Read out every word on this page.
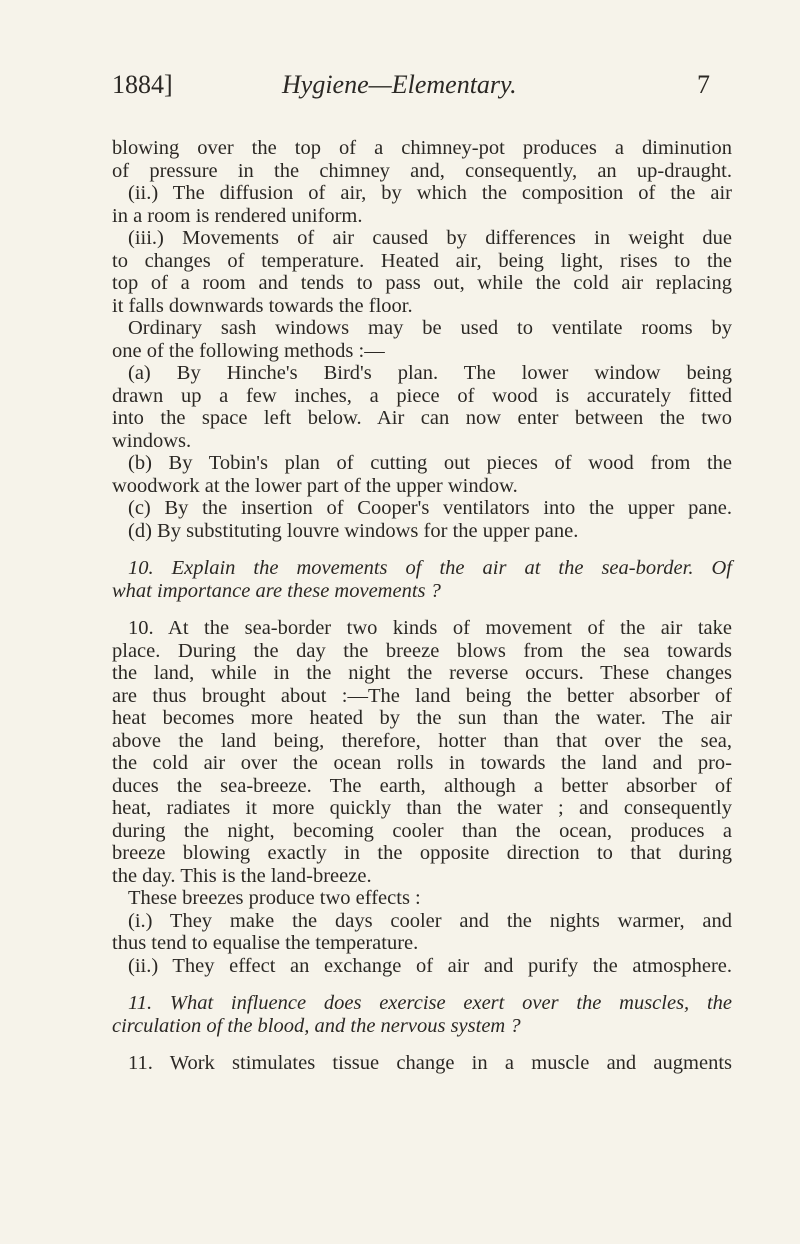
1884]	Hygiene—Elementary.	7
blowing over the top of a chimney-pot produces a diminution
of pressure in the chimney and, consequently, an up-draught.
(ii.) The diffusion of air, by which the composition of the air
in a room is rendered uniform.
(iii.) Movements of air caused by differences in weight due
to changes of temperature. Heated air, being light, rises to the
top of a room and tends to pass out, while the cold air replacing
it falls downwards towards the floor.
Ordinary sash windows may be used to ventilate rooms by
one of the following methods :—
(a) By Hinche's Bird's plan. The lower window being
drawn up a few inches, a piece of wood is accurately fitted
into the space left below. Air can now enter between the two
windows.
(b) By Tobin's plan of cutting out pieces of wood from the
woodwork at the lower part of the upper window.
(c) By the insertion of Cooper's ventilators into the upper pane.
(d) By substituting louvre windows for the upper pane.
10. Explain the movements of the air at the sea-border. Of
what importance are these movements ?
10. At the sea-border two kinds of movement of the air take
place. During the day the breeze blows from the sea towards
the land, while in the night the reverse occurs. These changes
are thus brought about :—The land being the better absorber of
heat becomes more heated by the sun than the water. The air
above the land being, therefore, hotter than that over the sea,
the cold air over the ocean rolls in towards the land and pro-
duces the sea-breeze. The earth, although a better absorber of
heat, radiates it more quickly than the water ; and consequently
during the night, becoming cooler than the ocean, produces a
breeze blowing exactly in the opposite direction to that during
the day. This is the land-breeze.
These breezes produce two effects :
(i.) They make the days cooler and the nights warmer, and
thus tend to equalise the temperature.
(ii.) They effect an exchange of air and purify the atmosphere.
11. What influence does exercise exert over the muscles, the
circulation of the blood, and the nervous system ?
11. Work stimulates tissue change in a muscle and augments
